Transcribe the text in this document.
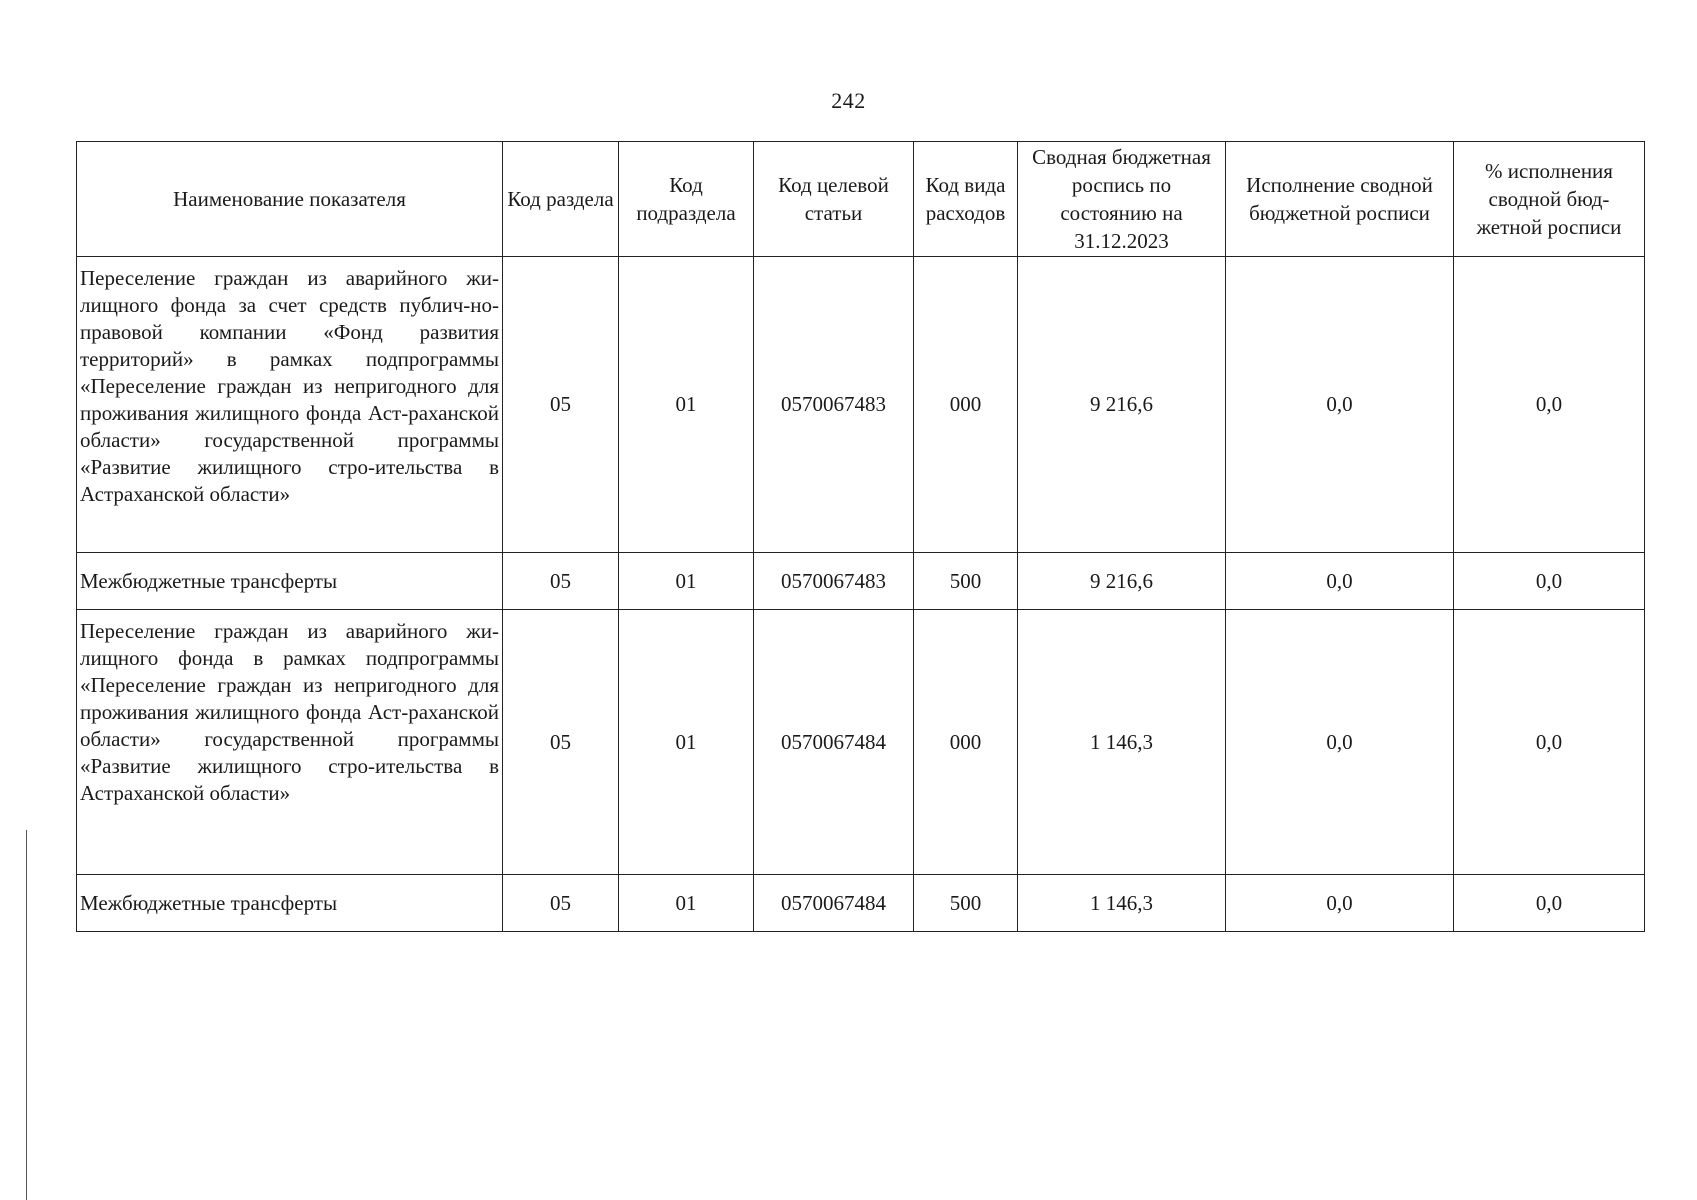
242
Наименование показателя	Код раздела	Код подраздела	Код целевой статьи	Код вида расходов	Сводная бюджетная роспись по состоянию на 31.12.2023	Исполнение сводной бюджетной росписи	% исполнения сводной бюд-жетной росписи
Переселение граждан из аварийного жи-лищного фонда за счет средств публич-но-правовой компании «Фонд развития территорий» в рамках подпрограммы «Переселение граждан из непригодного для проживания жилищного фонда Аст-раханской области» государственной программы «Развитие жилищного стро-ительства в Астраханской области»	05	01	0570067483	000	9 216,6	0,0	0,0
Межбюджетные трансферты	05	01	0570067483	500	9 216,6	0,0	0,0
Переселение граждан из аварийного жи-лищного фонда в рамках подпрограммы «Переселение граждан из непригодного для проживания жилищного фонда Аст-раханской области» государственной программы «Развитие жилищного стро-ительства в Астраханской области»	05	01	0570067484	000	1 146,3	0,0	0,0
Межбюджетные трансферты	05	01	0570067484	500	1 146,3	0,0	0,0
